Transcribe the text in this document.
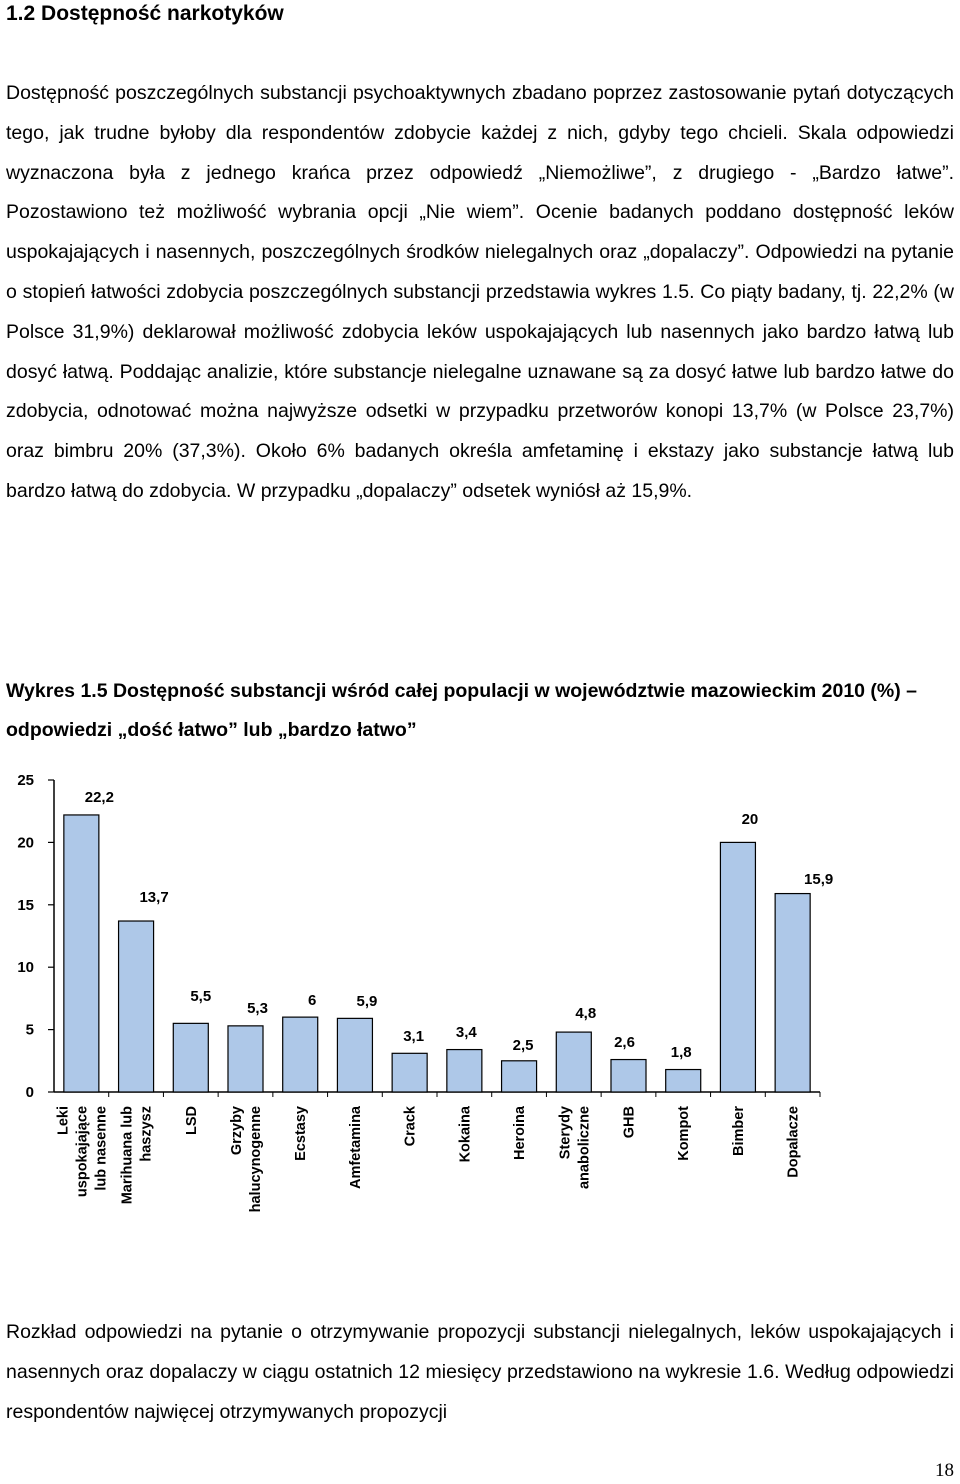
1.2 Dostępność narkotyków

Dostępność poszczególnych substancji psychoaktywnych zbadano poprzez zastosowanie pytań dotyczących tego, jak trudne byłoby dla respondentów zdobycie każdej z nich, gdyby tego chcieli. Skala odpowiedzi wyznaczona była z jednego krańca przez odpowiedź „Niemożliwe”, z drugiego - „Bardzo łatwe”. Pozostawiono też możliwość wybrania opcji „Nie wiem”. Ocenie badanych poddano dostępność leków uspokajających i nasennych, poszczególnych środków nielegalnych oraz „dopalaczy”. Odpowiedzi na pytanie o stopień łatwości zdobycia poszczególnych substancji przedstawia wykres 1.5. Co piąty badany, tj. 22,2% (w Polsce 31,9%) deklarował możliwość zdobycia leków uspokajających lub nasennych jako bardzo łatwą lub dosyć łatwą. Poddając analizie, które substancje nielegalne uznawane są za dosyć łatwe lub bardzo łatwe do zdobycia, odnotować można najwyższe odsetki w przypadku przetworów konopi 13,7% (w Polsce 23,7%) oraz bimbru 20% (37,3%). Około 6% badanych określa amfetaminę i ekstazy jako substancje łatwą lub bardzo łatwą do zdobycia. W przypadku „dopalaczy” odsetek wyniósł aż 15,9%.

Wykres 1.5 Dostępność substancji wśród całej populacji w województwie mazowieckim 2010 (%) – odpowiedzi „dość łatwo” lub „bardzo łatwo”

0
5
10
15
20
25
22,2
13,7
5,5
5,3	6	5,9
3,1 3,4
2,5
4,8
2,6
1,8
20
15,9
Leki uspokajające lub nasenne Marihuana lub haszysz LSD Grzyby halucynogenne Ecstasy	Amfetamina	Crack	Kokaina	Heroina Sterydy anaboliczne GHB	Kompot	Bimber	Dopalacze

Rozkład odpowiedzi na pytanie o otrzymywanie propozycji substancji nielegalnych, leków uspokajających i nasennych oraz dopalaczy w ciągu ostatnich 12 miesięcy przedstawiono na wykresie 1.6. Według odpowiedzi respondentów najwięcej otrzymywanych propozycji

18
